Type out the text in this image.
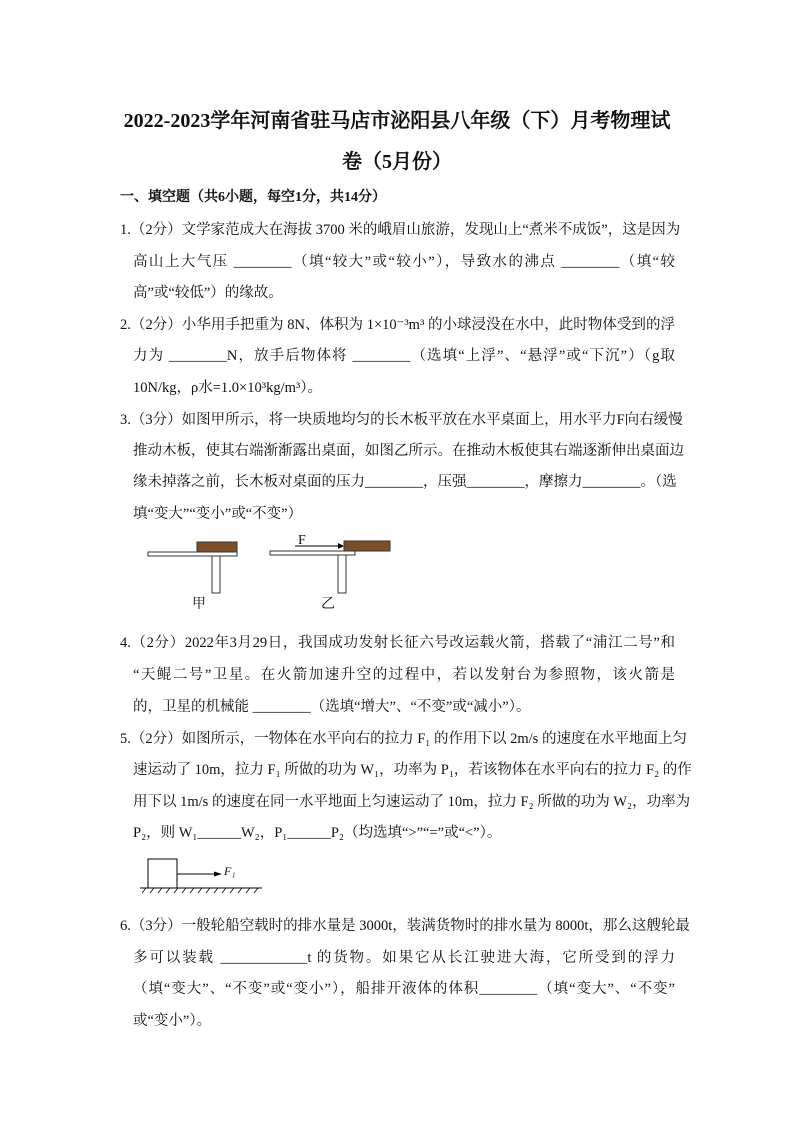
2022-2023学年河南省驻马店市泌阳县八年级（下）月考物理试
卷（5月份）
一、填空题（共6小题，每空1分，共14分）
1.（2分）文学家范成大在海拔 3700 米的峨眉山旅游，发现山上“煮米不成饭”，这是因为
高山上大气压 ________（填“较大”或“较小”），导致水的沸点 ________（填“较
高”或“较低”）的缘故。
2.（2分）小华用手把重为 8N、体积为 1×10⁻³m³ 的小球浸没在水中，此时物体受到的浮
力为 ________N，放手后物体将 ________（选填“上浮”、“悬浮”或“下沉”）（g取
10N/kg，ρ水=1.0×10³kg/m³）。
3.（3分）如图甲所示，将一块质地均匀的长木板平放在水平桌面上，用水平力F向右缓慢
推动木板，使其右端渐渐露出桌面，如图乙所示。在推动木板使其右端逐渐伸出桌面边
缘未掉落之前，长木板对桌面的压力________，压强________，摩擦力________。（选
填“变大”“变小”或“不变”）
F
甲	乙
4.（2分）2022年3月29日，我国成功发射长征六号改运载火箭，搭载了“浦江二号”和
“天鲲二号”卫星。在火箭加速升空的过程中，若以发射台为参照物，该火箭是
的，卫星的机械能 ________（选填“增大”、“不变”或“减小”）。
5.（2分）如图所示，一物体在水平向右的拉力 F₁ 的作用下以 2m/s 的速度在水平地面上匀
速运动了 10m，拉力 F₁ 所做的功为 W₁，功率为 P₁，若该物体在水平向右的拉力 F₂ 的作
用下以 1m/s 的速度在同一水平地面上匀速运动了 10m，拉力 F₂ 所做的功为 W₂，功率为
P₂，则 W₁______W₂，P₁______P₂（均选填“>”“=”或“<”）。
F₁
6.（3分）一般轮船空载时的排水量是 3000t，装满货物时的排水量为 8000t，那么这艘轮最
多可以装载 ____________t 的货物。如果它从长江驶进大海，它所受到的浮力
（填“变大”、“不变”或“变小”），船排开液体的体积________（填“变大”、“不变”
或“变小”）。
